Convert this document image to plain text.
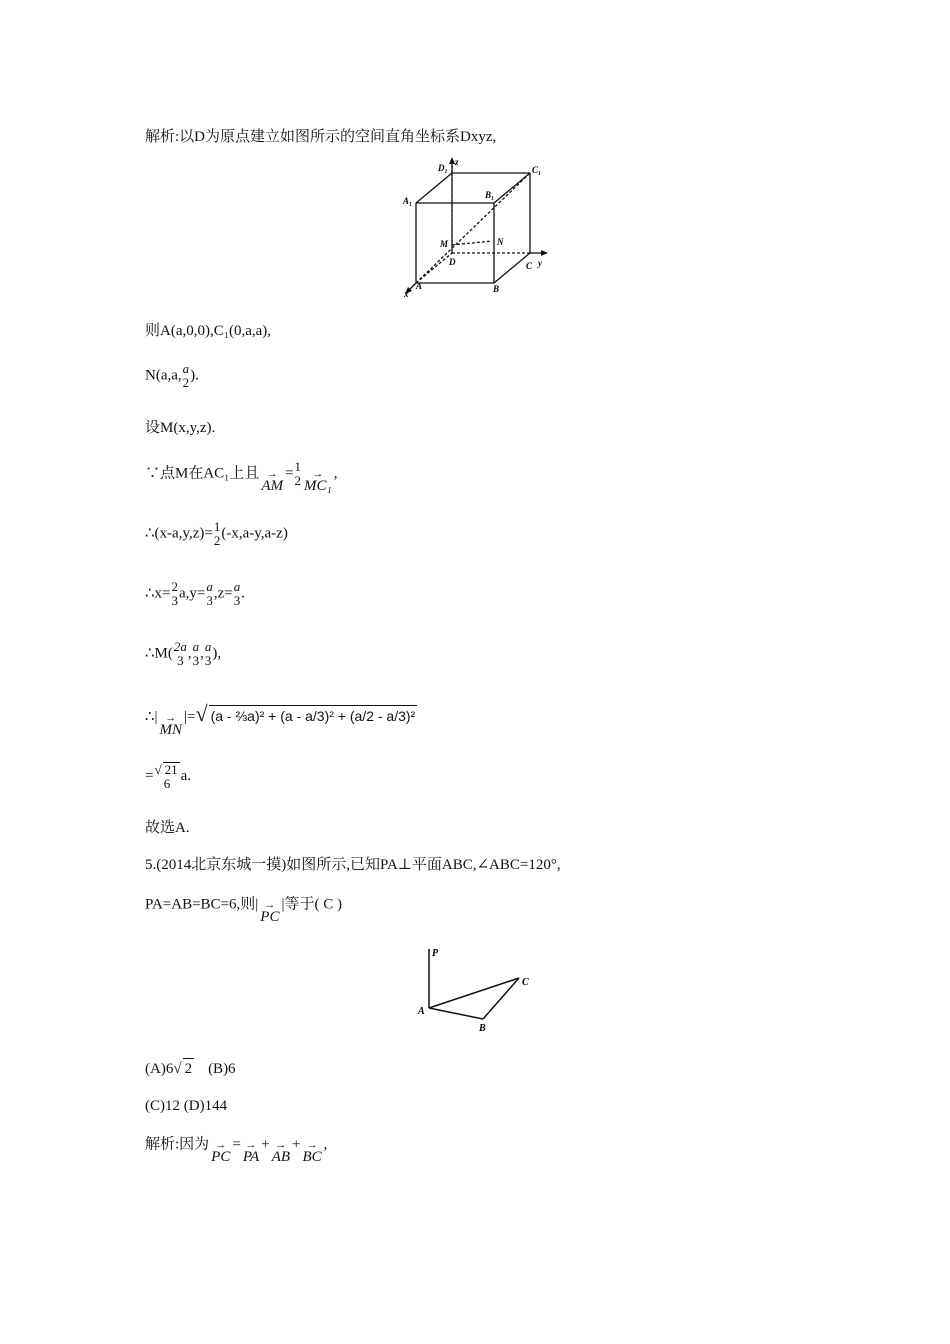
解析:以D为原点建立如图所示的空间直角坐标系Dxyz,
D₁
z
C₁
A₁
B₁
M	N
D	y
C
x
A	B
则A(a,0,0),C₁(0,a,a),
N(a,a, a
2 ).
设M(x,y,z).
∵点M在AC₁上且 →
AM
= 1
2 →
MC₁
,
∴(x-a,y,z)= 1
2 (-x,a-y,a-z)
∴x= 2
3 a,y= a
3 ,z= a
3 .
∴M( 2a
3 , a
3 , a
3 ),
∴| →
MN
|=√ (a - ⅔a)² + (a - a/3)² + (a/2 - a/3)²
= √ 21
6 a.
故选A.
5.(2014北京东城一摸)如图所示,已知PA⊥平面ABC,∠ABC=120°,
PA=AB=BC=6,则| →
PC
|等于( C )
P
C
A
B
(A)6√ 2 (B)6
(C)12 (D)144
解析:因为 →
PC
= →
PA
+ →
AB
+ →
BC
,
